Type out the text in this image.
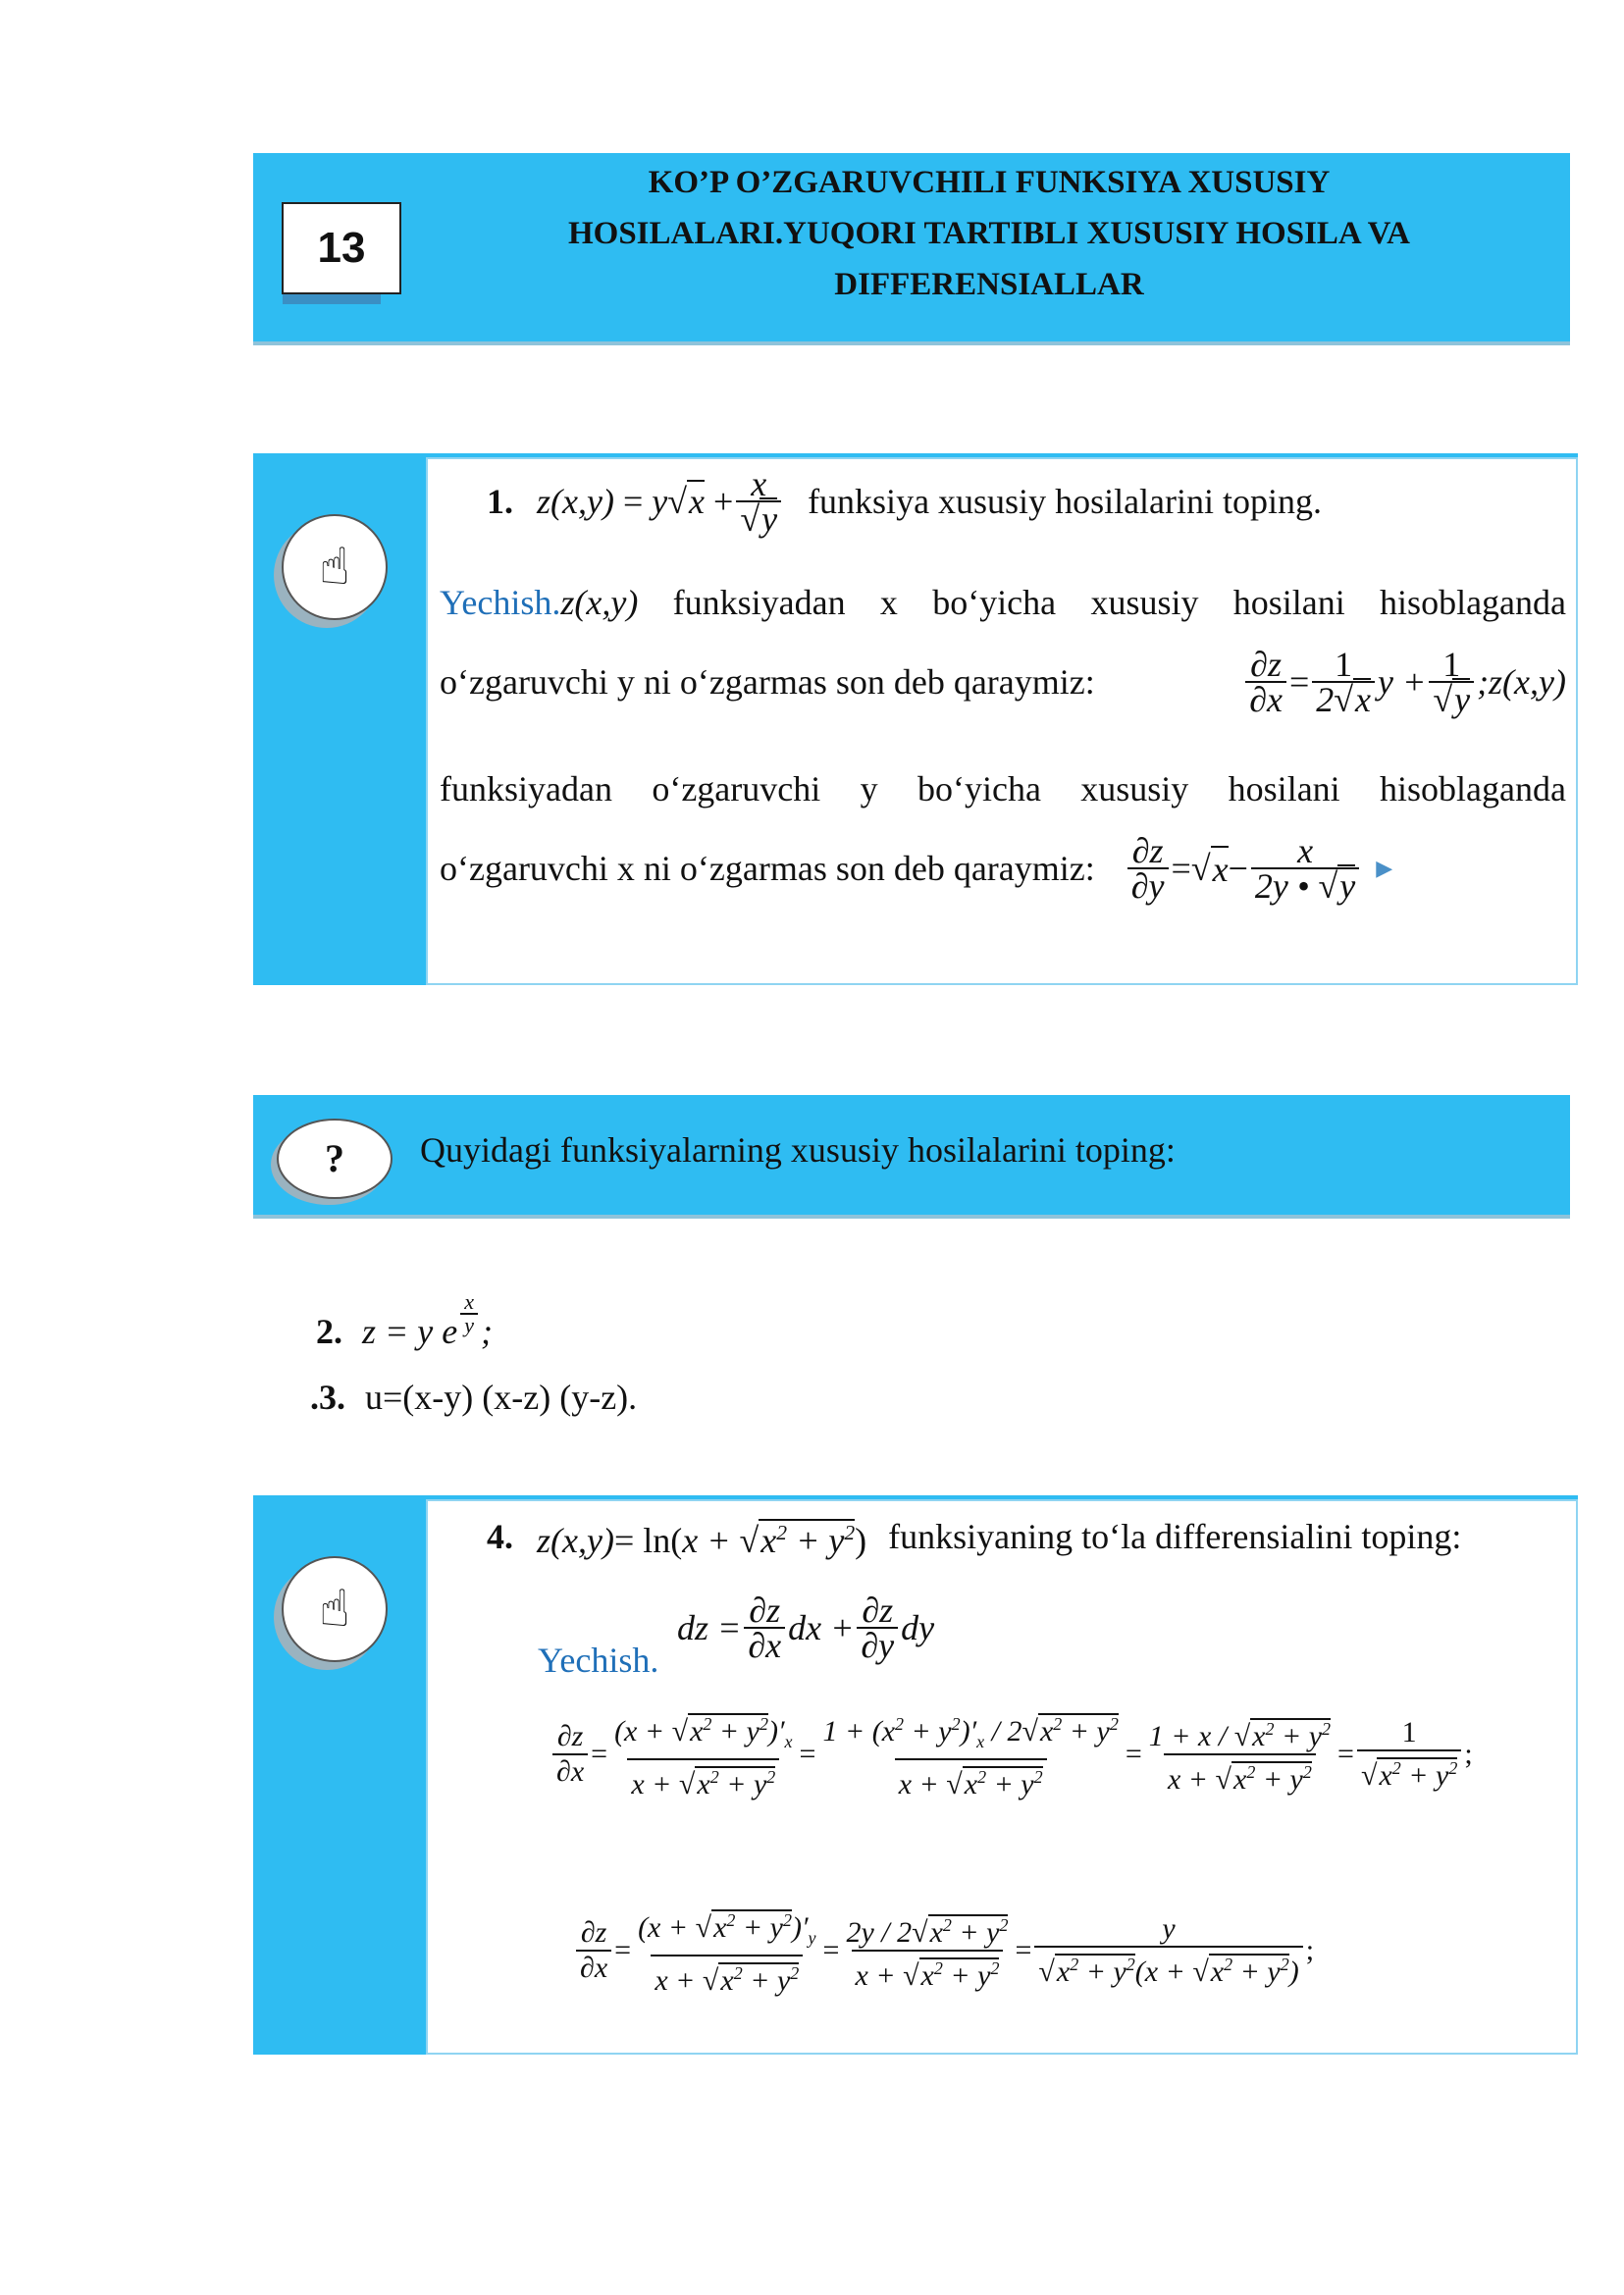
13
KO’P O’ZGARUVCHILI FUNKSIYA XUSUSIY
HOSILALARI.YUQORI TARTIBLI XUSUSIY HOSILA VA
DIFFERENSIALLAR
☝
1. $z(x,y) = y√x + \frac{x}{√y}$ funksiya xususiy hosilalarini toping.
Yechish.z(x,y) funksiyadan x bo‘yicha xususiy hosilani hisoblaganda
o‘zgaruvchi y ni o‘zgarmas son deb qaraymiz:	$\frac{\partial z}{\partial x} = \frac{1}{2√x}$ $y + \frac{1}{√y}$ ;z(x,y)
funksiyadan o‘zgaruvchi y bo‘yicha xususiy hosilani hisoblaganda
o‘zgaruvchi x ni o‘zgarmas son deb qaraymiz: $\frac{\partial z}{\partial y}$ = √ $x - \frac{x}{2y • √y}$ ▶
?	Quyidagi funksiyalarning xususiy hosilalarini toping:
2. z = y e $\frac{x}{y}$ ;
.3. u=(x-y) (x-z) (y-z).
☝
4. $z(x,y)= \ln(x + √x^2 + y^2)$ funksiyaning to‘la differensialini toping:
Yechish.
dz = $\frac{\partial z}{\partial x}$ dx + $\frac{\partial z}{\partial y}$ dy
$\frac{\partial z}{\partial x} = \frac{(x + √x^2 + y^2)'_x}{x + √x^2 + y^2} = \frac{1 + (x^2 + y^2)'_x / 2√x^2 + y^2}{x + √x^2 + y^2} = \frac{1 + x / √x^2 + y^2}{x + √x^2 + y^2} = \frac{1}{√x^2 + y^2}$ ;
$\frac{\partial z}{\partial x} = \frac{(x + √x^2 + y^2)'_y}{x + √x^2 + y^2} = \frac{2y / 2√x^2 + y^2}{x + √x^2 + y^2} = \frac{y}{√x^2 + y^2(x + √x^2 + y^2)}$ ;
